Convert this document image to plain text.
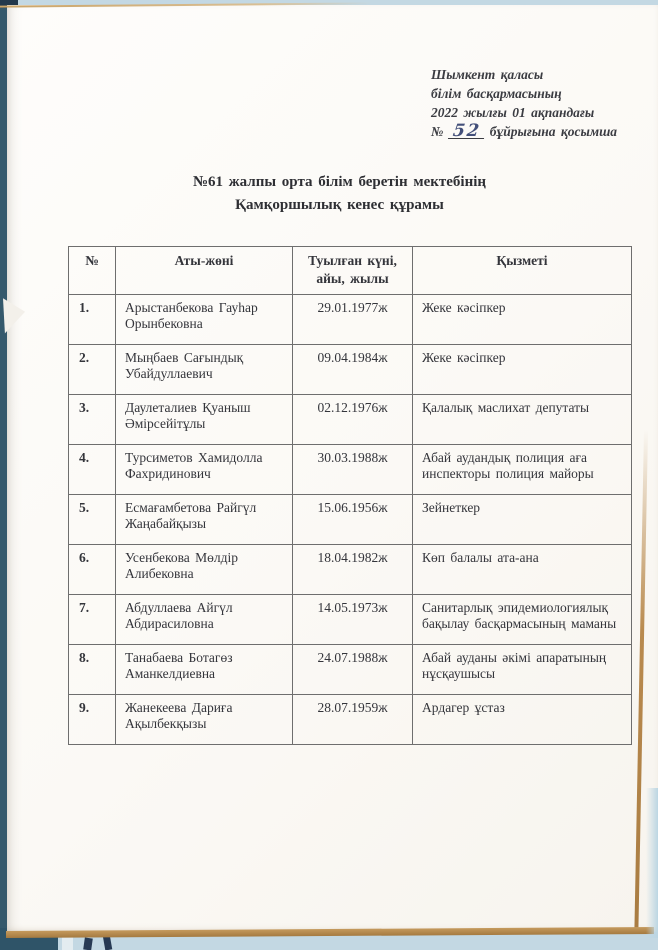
Шымкент қаласы
білім басқармасының
2022 жылғы 01 ақпандағы
№ 52 бұйрығына қосымша
№61 жалпы орта білім беретін мектебінің
Қамқоршылық кенес құрамы
№	Аты-жөні	Туылған күні, айы, жылы	Қызметі
1.	Арыстанбекова Гауһар Орынбековна	29.01.1977ж	Жеке кәсіпкер
2.	Мыңбаев Сағындық Убайдуллаевич	09.04.1984ж	Жеке кәсіпкер
3.	Даулеталиев Қуаныш Әмірсейітұлы	02.12.1976ж	Қалалық маслихат депутаты
4.	Турсиметов Хамидолла Фахридинович	30.03.1988ж	Абай аудандық полиция аға инспекторы полиция майоры
5.	Есмағамбетова Райгүл Жаңабайқызы	15.06.1956ж	Зейнеткер
6.	Усенбекова Мөлдір Алибековна	18.04.1982ж	Көп балалы ата-ана
7.	Абдуллаева Айгүл Абдирасиловна	14.05.1973ж	Санитарлық эпидемиологиялық бақылау басқармасының маманы
8.	Танабаева Ботагөз Аманкелдиевна	24.07.1988ж	Абай ауданы әкімі апаратының нұсқаушысы
9.	Жанекеева Дариға Ақылбекқызы	28.07.1959ж	Ардагер ұстаз
